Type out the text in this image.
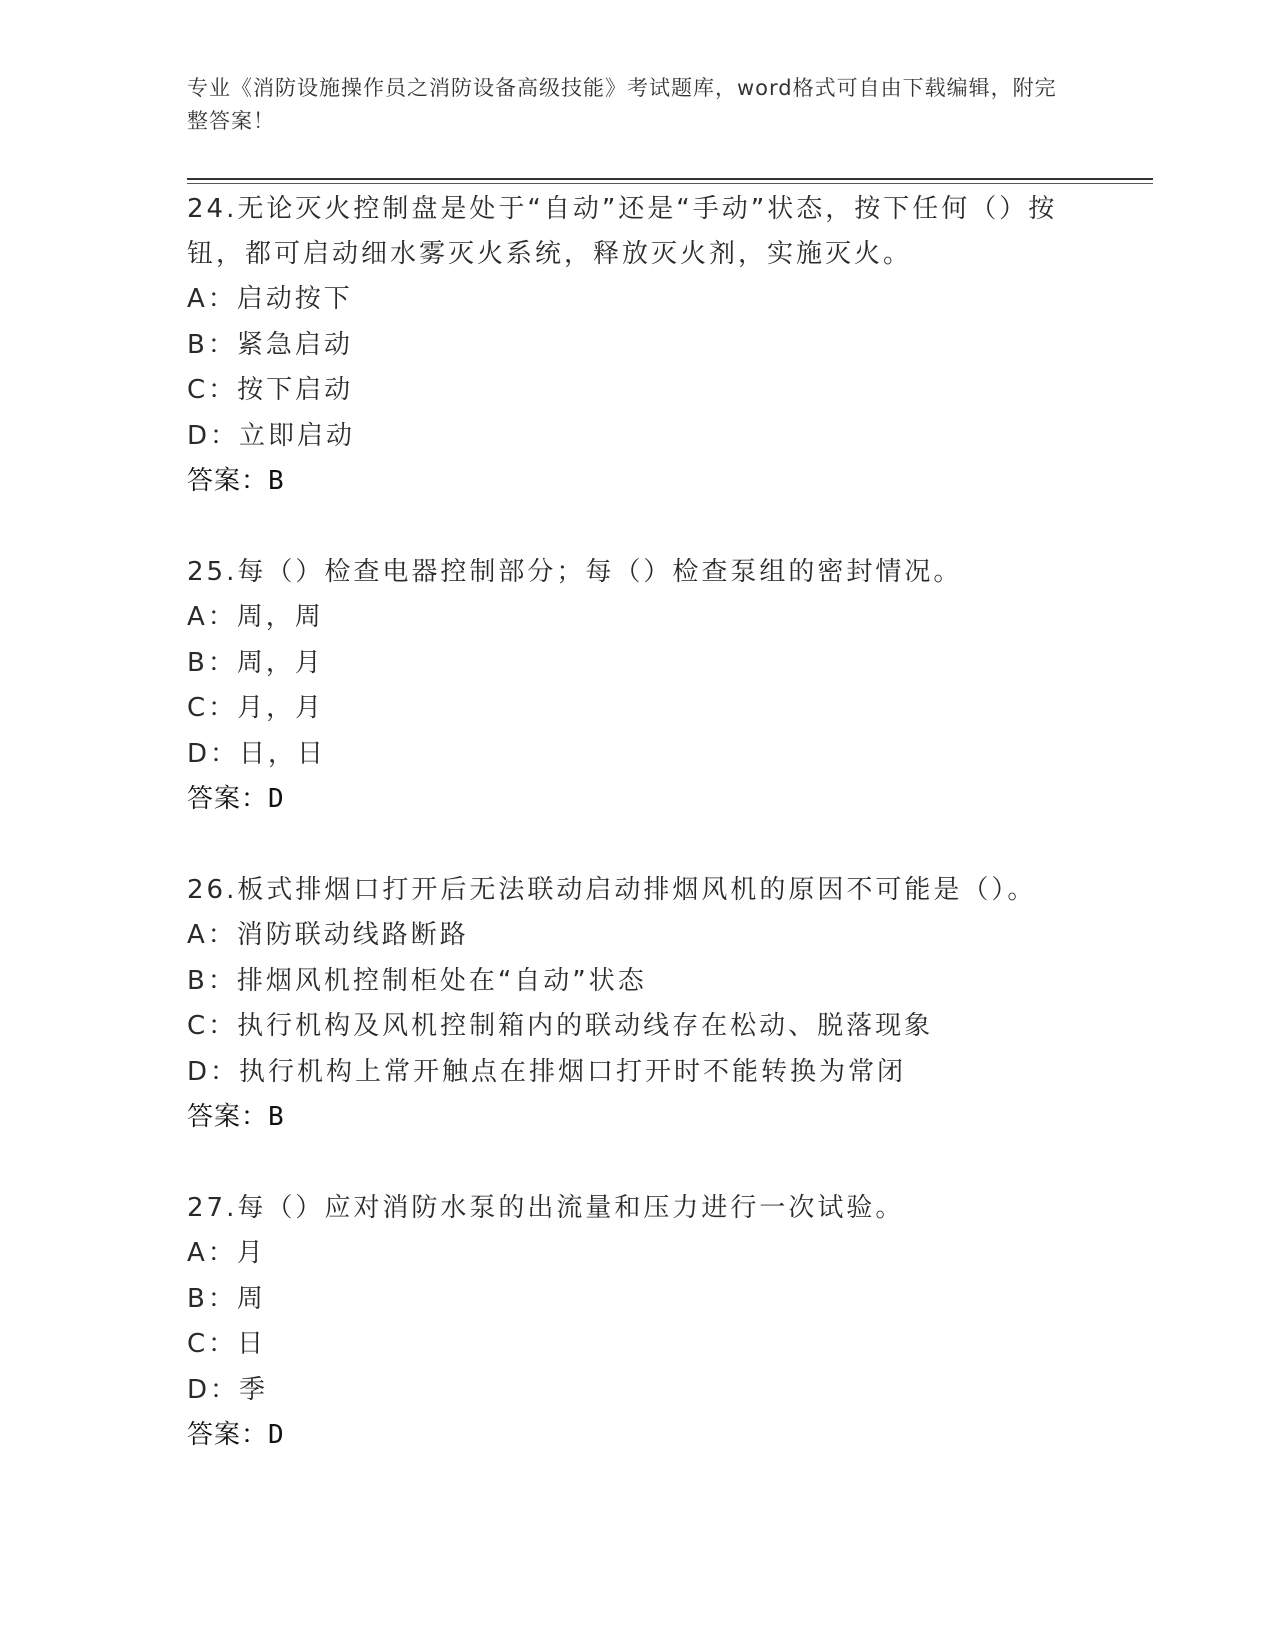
专业《消防设施操作员之消防设备高级技能》考试题库，word格式可自由下载编辑，附完整答案！
24.无论灭火控制盘是处于“自动”还是“手动”状态，按下任何（）按钮，都可启动细水雾灭火系统，释放灭火剂，实施灭火。
A：启动按下
B：紧急启动
C：按下启动
D：立即启动
答案：B
25.每（）检查电器控制部分；每（）检查泵组的密封情况。
A：周，周
B：周，月
C：月，月
D：日，日
答案：D
26.板式排烟口打开后无法联动启动排烟风机的原因不可能是（）。
A：消防联动线路断路
B：排烟风机控制柜处在“自动”状态
C：执行机构及风机控制箱内的联动线存在松动、脱落现象
D：执行机构上常开触点在排烟口打开时不能转换为常闭
答案：B
27.每（）应对消防水泵的出流量和压力进行一次试验。
A：月
B：周
C：日
D：季
答案：D
